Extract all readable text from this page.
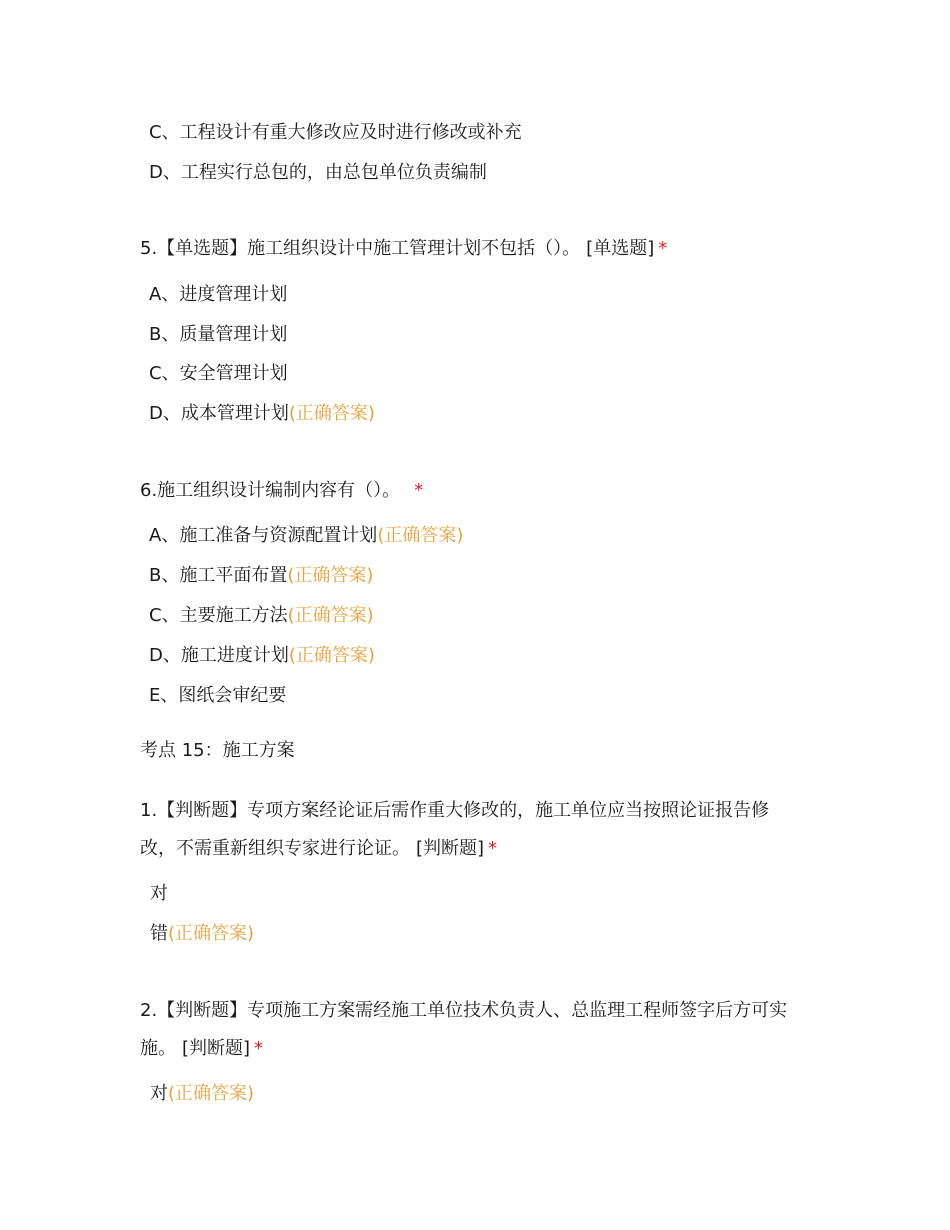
C、工程设计有重大修改应及时进行修改或补充
D、工程实行总包的，由总包单位负责编制
5.【单选题】施工组织设计中施工管理计划不包括（）。 [单选题] *
A、进度管理计划
B、质量管理计划
C、安全管理计划
D、成本管理计划(正确答案)
6.施工组织设计编制内容有（）。 *
A、施工准备与资源配置计划(正确答案)
B、施工平面布置(正确答案)
C、主要施工方法(正确答案)
D、施工进度计划(正确答案)
E、图纸会审纪要
考点 15：施工方案
1.【判断题】专项方案经论证后需作重大修改的，施工单位应当按照论证报告修
改，不需重新组织专家进行论证。 [判断题] *
对
错(正确答案)
2.【判断题】专项施工方案需经施工单位技术负责人、总监理工程师签字后方可实
施。 [判断题] *
对(正确答案)
